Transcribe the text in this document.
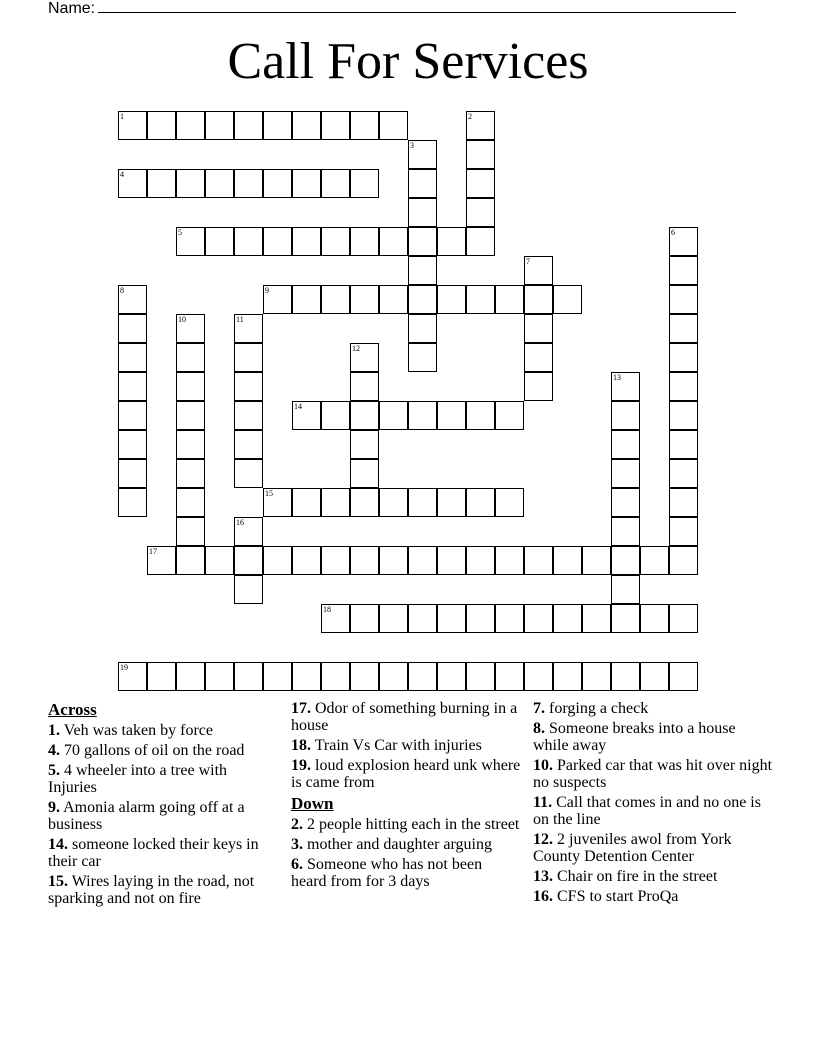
Name:
Call For Services
1	2
3
4
5	6
7
8	9
10	11
12
13
14
15
16
17
18
19
Across
1. Veh was taken by force
4. 70 gallons of oil on the road
5. 4 wheeler into a tree with Injuries
9. Amonia alarm going off at a business
14. someone locked their keys in their car
15. Wires laying in the road, not sparking and not on fire
17. Odor of something burning in a house
18. Train Vs Car with injuries
19. loud explosion heard unk where is came from
Down
2. 2 people hitting each in the street
3. mother and daughter arguing
6. Someone who has not been heard from for 3 days
7. forging a check
8. Someone breaks into a house while away
10. Parked car that was hit over night no suspects
11. Call that comes in and no one is on the line
12. 2 juveniles awol from York County Detention Center
13. Chair on fire in the street
16. CFS to start ProQa
